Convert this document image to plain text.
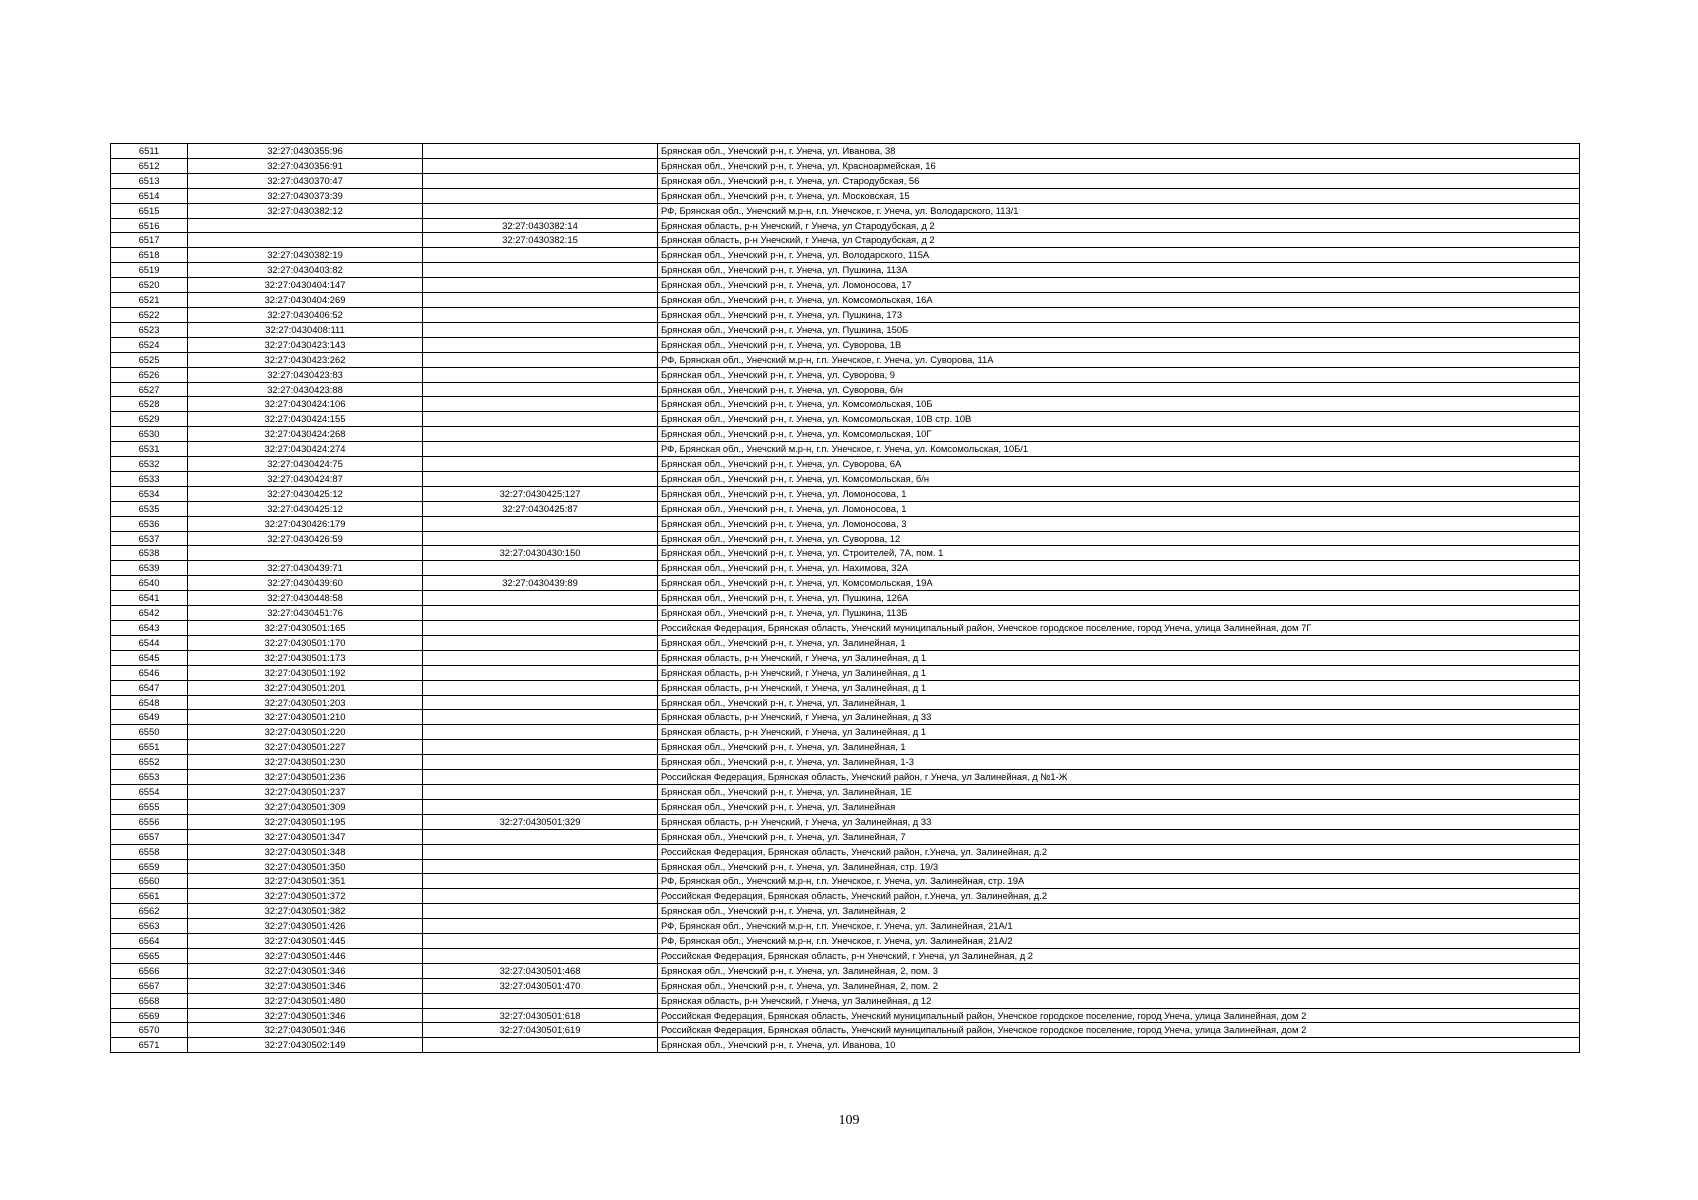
6511	32:27:0430355:96		Брянская обл., Унечский р-н, г. Унеча, ул. Иванова, 38
6512	32:27:0430356:91		Брянская обл., Унечский р-н, г. Унеча, ул. Красноармейская, 16
6513	32:27:0430370:47		Брянская обл., Унечский р-н, г. Унеча, ул. Стародубская, 56
6514	32:27:0430373:39		Брянская обл., Унечский р-н, г. Унеча, ул. Московская, 15
6515	32:27:0430382:12		РФ, Брянская обл., Унечский м.р-н, г.п. Унечское, г. Унеча, ул. Володарского, 113/1
6516		32:27:0430382:14	Брянская область, р-н Унечский, г Унеча, ул Стародубская, д 2
6517		32:27:0430382:15	Брянская область, р-н Унечский, г Унеча, ул Стародубская, д 2
6518	32:27:0430382:19		Брянская обл., Унечский р-н, г. Унеча, ул. Володарского, 115А
6519	32:27:0430403:82		Брянская обл., Унечский р-н, г. Унеча, ул. Пушкина, 113А
6520	32:27:0430404:147		Брянская обл., Унечский р-н, г. Унеча, ул. Ломоносова, 17
6521	32:27:0430404:269		Брянская обл., Унечский р-н, г. Унеча, ул. Комсомольская, 16А
6522	32:27:0430406:52		Брянская обл., Унечский р-н, г. Унеча, ул. Пушкина, 173
6523	32:27:0430408:111		Брянская обл., Унечский р-н, г. Унеча, ул. Пушкина, 150Б
6524	32:27:0430423:143		Брянская обл., Унечский р-н, г. Унеча, ул. Суворова, 1В
6525	32:27:0430423:262		РФ, Брянская обл., Унечский м.р-н, г.п. Унечское, г. Унеча, ул. Суворова, 11А
6526	32:27:0430423:83		Брянская обл., Унечский р-н, г. Унеча, ул. Суворова, 9
6527	32:27:0430423:88		Брянская обл., Унечский р-н, г. Унеча, ул. Суворова, б/н
6528	32:27:0430424:106		Брянская обл., Унечский р-н, г. Унеча, ул. Комсомольская, 10Б
6529	32:27:0430424:155		Брянская обл., Унечский р-н, г. Унеча, ул. Комсомольская, 10В стр. 10В
6530	32:27:0430424:268		Брянская обл., Унечский р-н, г. Унеча, ул. Комсомольская, 10Г
6531	32:27:0430424:274		РФ, Брянская обл., Унечский м.р-н, г.п. Унечское, г. Унеча, ул. Комсомольская, 10Б/1
6532	32:27:0430424:75		Брянская обл., Унечский р-н, г. Унеча, ул. Суворова, 6А
6533	32:27:0430424:87		Брянская обл., Унечский р-н, г. Унеча, ул. Комсомольская, б/н
6534	32:27:0430425:12	32:27:0430425:127	Брянская обл., Унечский р-н, г. Унеча, ул. Ломоносова, 1
6535	32:27:0430425:12	32:27:0430425:87	Брянская обл., Унечский р-н, г. Унеча, ул. Ломоносова, 1
6536	32:27:0430426:179		Брянская обл., Унечский р-н, г. Унеча, ул. Ломоносова, 3
6537	32:27:0430426:59		Брянская обл., Унечский р-н, г. Унеча, ул. Суворова, 12
6538		32:27:0430430:150	Брянская обл., Унечский р-н, г. Унеча, ул. Строителей, 7А, пом. 1
6539	32:27:0430439:71		Брянская обл., Унечский р-н, г. Унеча, ул. Нахимова, 32А
6540	32:27:0430439:60	32:27:0430439:89	Брянская обл., Унечский р-н, г. Унеча, ул. Комсомольская, 19А
6541	32:27:0430448:58		Брянская обл., Унечский р-н, г. Унеча, ул. Пушкина, 126А
6542	32:27:0430451:76		Брянская обл., Унечский р-н, г. Унеча, ул. Пушкина, 113Б
6543	32:27:0430501:165		Российская Федерация, Брянская область, Унечский муниципальный район, Унечское городское поселение, город Унеча, улица Залинейная, дом 7Г
6544	32:27:0430501:170		Брянская обл., Унечский р-н, г. Унеча, ул. Залинейная, 1
6545	32:27:0430501:173		Брянская область, р-н Унечский, г Унеча, ул Залинейная, д 1
6546	32:27:0430501:192		Брянская область, р-н Унечский, г Унеча, ул Залинейная, д 1
6547	32:27:0430501:201		Брянская область, р-н Унечский, г Унеча, ул Залинейная, д 1
6548	32:27:0430501:203		Брянская обл., Унечский р-н, г. Унеча, ул. Залинейная, 1
6549	32:27:0430501:210		Брянская область, р-н Унечский, г Унеча, ул Залинейная, д 33
6550	32:27:0430501:220		Брянская область, р-н Унечский, г Унеча, ул Залинейная, д 1
6551	32:27:0430501:227		Брянская обл., Унечский р-н, г. Унеча, ул. Залинейная, 1
6552	32:27:0430501:230		Брянская обл., Унечский р-н, г. Унеча, ул. Залинейная, 1-3
6553	32:27:0430501:236		Российская Федерация, Брянская область, Унечский район, г Унеча, ул Залинейная, д №1-Ж
6554	32:27:0430501:237		Брянская обл., Унечский р-н, г. Унеча, ул. Залинейная, 1Е
6555	32:27:0430501:309		Брянская обл., Унечский р-н, г. Унеча, ул. Залинейная
6556	32:27:0430501:195	32:27:0430501:329	Брянская область, р-н Унечский, г Унеча, ул Залинейная, д 33
6557	32:27:0430501:347		Брянская обл., Унечский р-н, г. Унеча, ул. Залинейная, 7
6558	32:27:0430501:348		Российская Федерация, Брянская область, Унечский район, г.Унеча, ул. Залинейная, д.2
6559	32:27:0430501:350		Брянская обл., Унечский р-н, г. Унеча, ул. Залинейная, стр. 19/3
6560	32:27:0430501:351		РФ, Брянская обл., Унечский м.р-н, г.п. Унечское, г. Унеча, ул. Залинейная, стр. 19А
6561	32:27:0430501:372		Российская Федерация, Брянская область, Унечский район, г.Унеча, ул. Залинейная, д.2
6562	32:27:0430501:382		Брянская обл., Унечский р-н, г. Унеча, ул. Залинейная, 2
6563	32:27:0430501:426		РФ, Брянская обл., Унечский м.р-н, г.п. Унечское, г. Унеча, ул. Залинейная, 21А/1
6564	32:27:0430501:445		РФ, Брянская обл., Унечский м.р-н, г.п. Унечское, г. Унеча, ул. Залинейная, 21А/2
6565	32:27:0430501:446		Российская Федерация, Брянская область, р-н Унечский, г Унеча, ул Залинейная, д 2
6566	32:27:0430501:346	32:27:0430501:468	Брянская обл., Унечский р-н, г. Унеча, ул. Залинейная, 2, пом. 3
6567	32:27:0430501:346	32:27:0430501:470	Брянская обл., Унечский р-н, г. Унеча, ул. Залинейная, 2, пом. 2
6568	32:27:0430501:480		Брянская область, р-н Унечский, г Унеча, ул Залинейная, д 12
6569	32:27:0430501:346	32:27:0430501:618	Российская Федерация, Брянская область, Унечский муниципальный район, Унечское городское поселение, город Унеча, улица Залинейная, дом 2
6570	32:27:0430501:346	32:27:0430501:619	Российская Федерация, Брянская область, Унечский муниципальный район, Унечское городское поселение, город Унеча, улица Залинейная, дом 2
6571	32:27:0430502:149		Брянская обл., Унечский р-н, г. Унеча, ул. Иванова, 10
109
